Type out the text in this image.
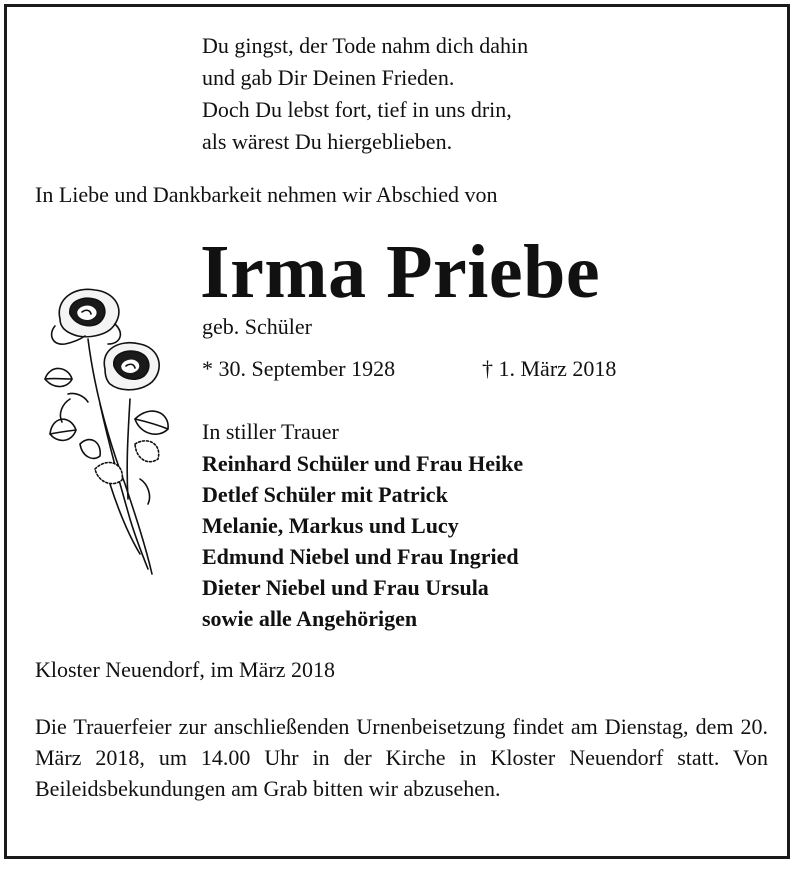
Du gingst, der Tode nahm dich dahin
und gab Dir Deinen Frieden.
Doch Du lebst fort, tief in uns drin,
als wärest Du hiergeblieben.
In Liebe und Dankbarkeit nehmen wir Abschied von
Irma Priebe
geb. Schüler
* 30. September 1928	† 1. März 2018
In stiller Trauer
Reinhard Schüler und Frau Heike
Detlef Schüler mit Patrick
Melanie, Markus und Lucy
Edmund Niebel und Frau Ingried
Dieter Niebel und Frau Ursula
sowie alle Angehörigen
Kloster Neuendorf, im März 2018
Die Trauerfeier zur anschließenden Urnenbeisetzung findet am Dienstag, dem 20. März 2018, um 14.00 Uhr in der Kirche in Kloster Neuendorf statt. Von Beileidsbekundungen am Grab bitten wir abzusehen.
